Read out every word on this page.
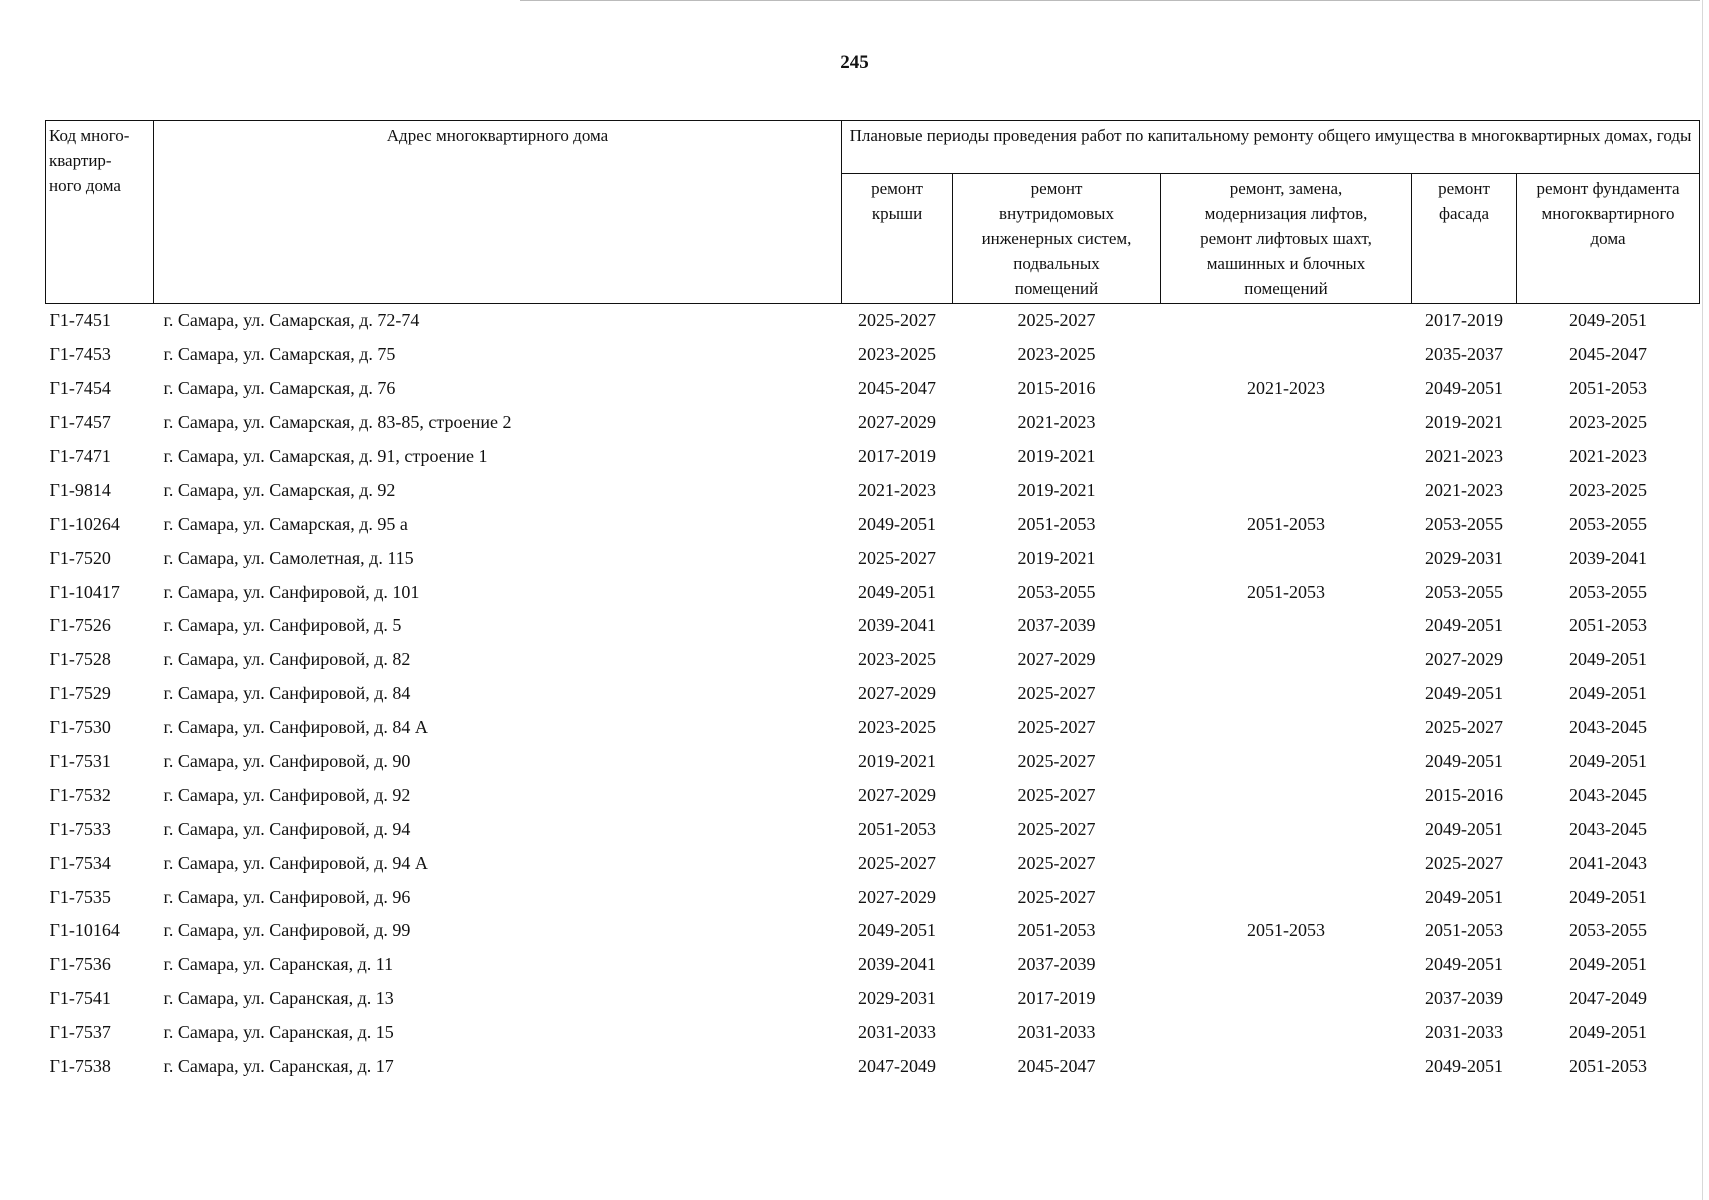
245
Код много-
квартир-
ного дома	Адрес многоквартирного дома	Плановые периоды проведения работ по капитальному ремонту общего имущества в многоквартирных домах, годы				
		ремонт
крыши	ремонт
внутридомовых
инженерных систем,
подвальных
помещений	ремонт, замена,
модернизация лифтов,
ремонт лифтовых шахт,
машинных и блочных
помещений	ремонт
фасада	ремонт фундамента
многоквартирного
дома
Г1-7451	г. Самара, ул. Самарская, д. 72-74	2025-2027	2025-2027		2017-2019	2049-2051
Г1-7453	г. Самара, ул. Самарская, д. 75	2023-2025	2023-2025		2035-2037	2045-2047
Г1-7454	г. Самара, ул. Самарская, д. 76	2045-2047	2015-2016	2021-2023	2049-2051	2051-2053
Г1-7457	г. Самара, ул. Самарская, д. 83-85, строение 2	2027-2029	2021-2023		2019-2021	2023-2025
Г1-7471	г. Самара, ул. Самарская, д. 91, строение 1	2017-2019	2019-2021		2021-2023	2021-2023
Г1-9814	г. Самара, ул. Самарская, д. 92	2021-2023	2019-2021		2021-2023	2023-2025
Г1-10264	г. Самара, ул. Самарская, д. 95 а	2049-2051	2051-2053	2051-2053	2053-2055	2053-2055
Г1-7520	г. Самара, ул. Самолетная, д. 115	2025-2027	2019-2021		2029-2031	2039-2041
Г1-10417	г. Самара, ул. Санфировой, д. 101	2049-2051	2053-2055	2051-2053	2053-2055	2053-2055
Г1-7526	г. Самара, ул. Санфировой, д. 5	2039-2041	2037-2039		2049-2051	2051-2053
Г1-7528	г. Самара, ул. Санфировой, д. 82	2023-2025	2027-2029		2027-2029	2049-2051
Г1-7529	г. Самара, ул. Санфировой, д. 84	2027-2029	2025-2027		2049-2051	2049-2051
Г1-7530	г. Самара, ул. Санфировой, д. 84 А	2023-2025	2025-2027		2025-2027	2043-2045
Г1-7531	г. Самара, ул. Санфировой, д. 90	2019-2021	2025-2027		2049-2051	2049-2051
Г1-7532	г. Самара, ул. Санфировой, д. 92	2027-2029	2025-2027		2015-2016	2043-2045
Г1-7533	г. Самара, ул. Санфировой, д. 94	2051-2053	2025-2027		2049-2051	2043-2045
Г1-7534	г. Самара, ул. Санфировой, д. 94 А	2025-2027	2025-2027		2025-2027	2041-2043
Г1-7535	г. Самара, ул. Санфировой, д. 96	2027-2029	2025-2027		2049-2051	2049-2051
Г1-10164	г. Самара, ул. Санфировой, д. 99	2049-2051	2051-2053	2051-2053	2051-2053	2053-2055
Г1-7536	г. Самара, ул. Саранская, д. 11	2039-2041	2037-2039		2049-2051	2049-2051
Г1-7541	г. Самара, ул. Саранская, д. 13	2029-2031	2017-2019		2037-2039	2047-2049
Г1-7537	г. Самара, ул. Саранская, д. 15	2031-2033	2031-2033		2031-2033	2049-2051
Г1-7538	г. Самара, ул. Саранская, д. 17	2047-2049	2045-2047		2049-2051	2051-2053
